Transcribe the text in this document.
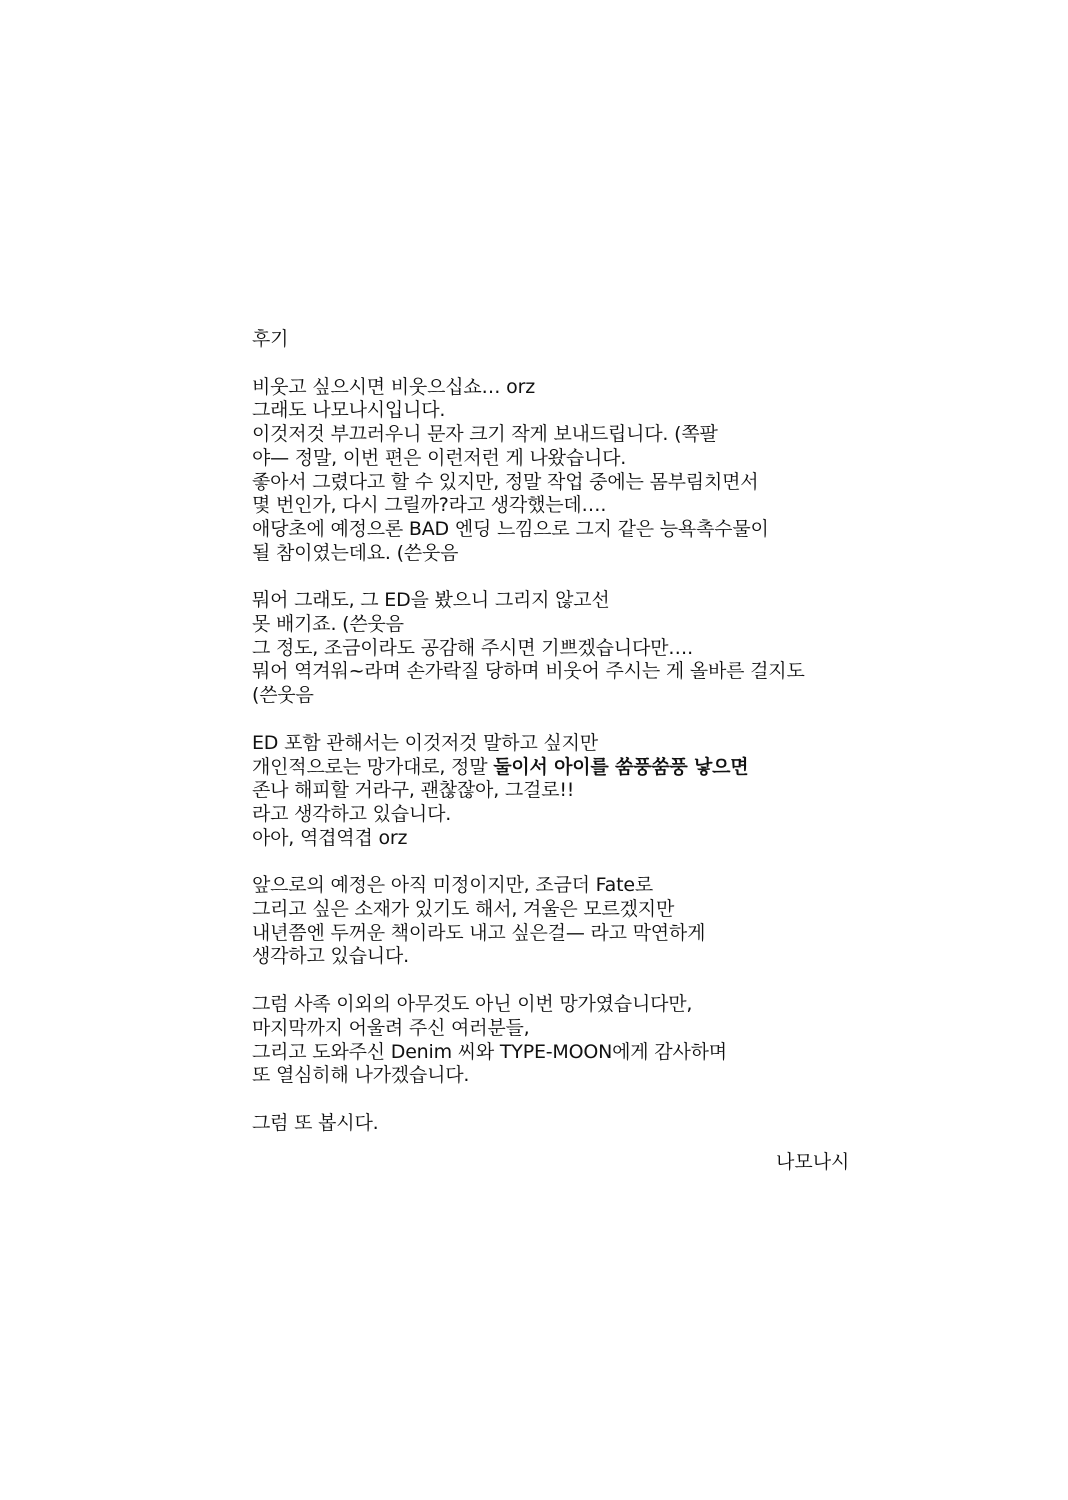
후기
비웃고 싶으시면 비웃으십쇼… orz
그래도 나모나시입니다.
이것저것 부끄러우니 문자 크기 작게 보내드립니다. (쪽팔
야— 정말, 이번 편은 이런저런 게 나왔습니다.
좋아서 그렸다고 할 수 있지만, 정말 작업 중에는 몸부림치면서
몇 번인가, 다시 그릴까?라고 생각했는데….
애당초에 예정으론 BAD 엔딩 느낌으로 그지 같은 능욕촉수물이
될 참이였는데요. (쓴웃음
뭐어 그래도, 그 ED을 봤으니 그리지 않고선
못 배기죠. (쓴웃음
그 정도, 조금이라도 공감해 주시면 기쁘겠습니다만….
뭐어 역겨워~라며 손가락질 당하며 비웃어 주시는 게 올바른 걸지도
(쓴웃음
ED 포함 관해서는 이것저것 말하고 싶지만
개인적으로는 망가대로, 정말 둘이서 아이를 쑴풍쑴풍 낳으면
존나 해피할 거라구, 괜찮잖아, 그걸로!!
라고 생각하고 있습니다.
아아, 역겹역겹 orz
앞으로의 예정은 아직 미정이지만, 조금더 Fate로
그리고 싶은 소재가 있기도 해서, 겨울은 모르겠지만
내년쯤엔 두꺼운 책이라도 내고 싶은걸— 라고 막연하게
생각하고 있습니다.
그럼 사족 이외의 아무것도 아닌 이번 망가였습니다만,
마지막까지 어울려 주신 여러분들,
그리고 도와주신 Denim 씨와 TYPE-MOON에게 감사하며
또 열심히해 나가겠습니다.
그럼 또 봅시다.
나모나시
